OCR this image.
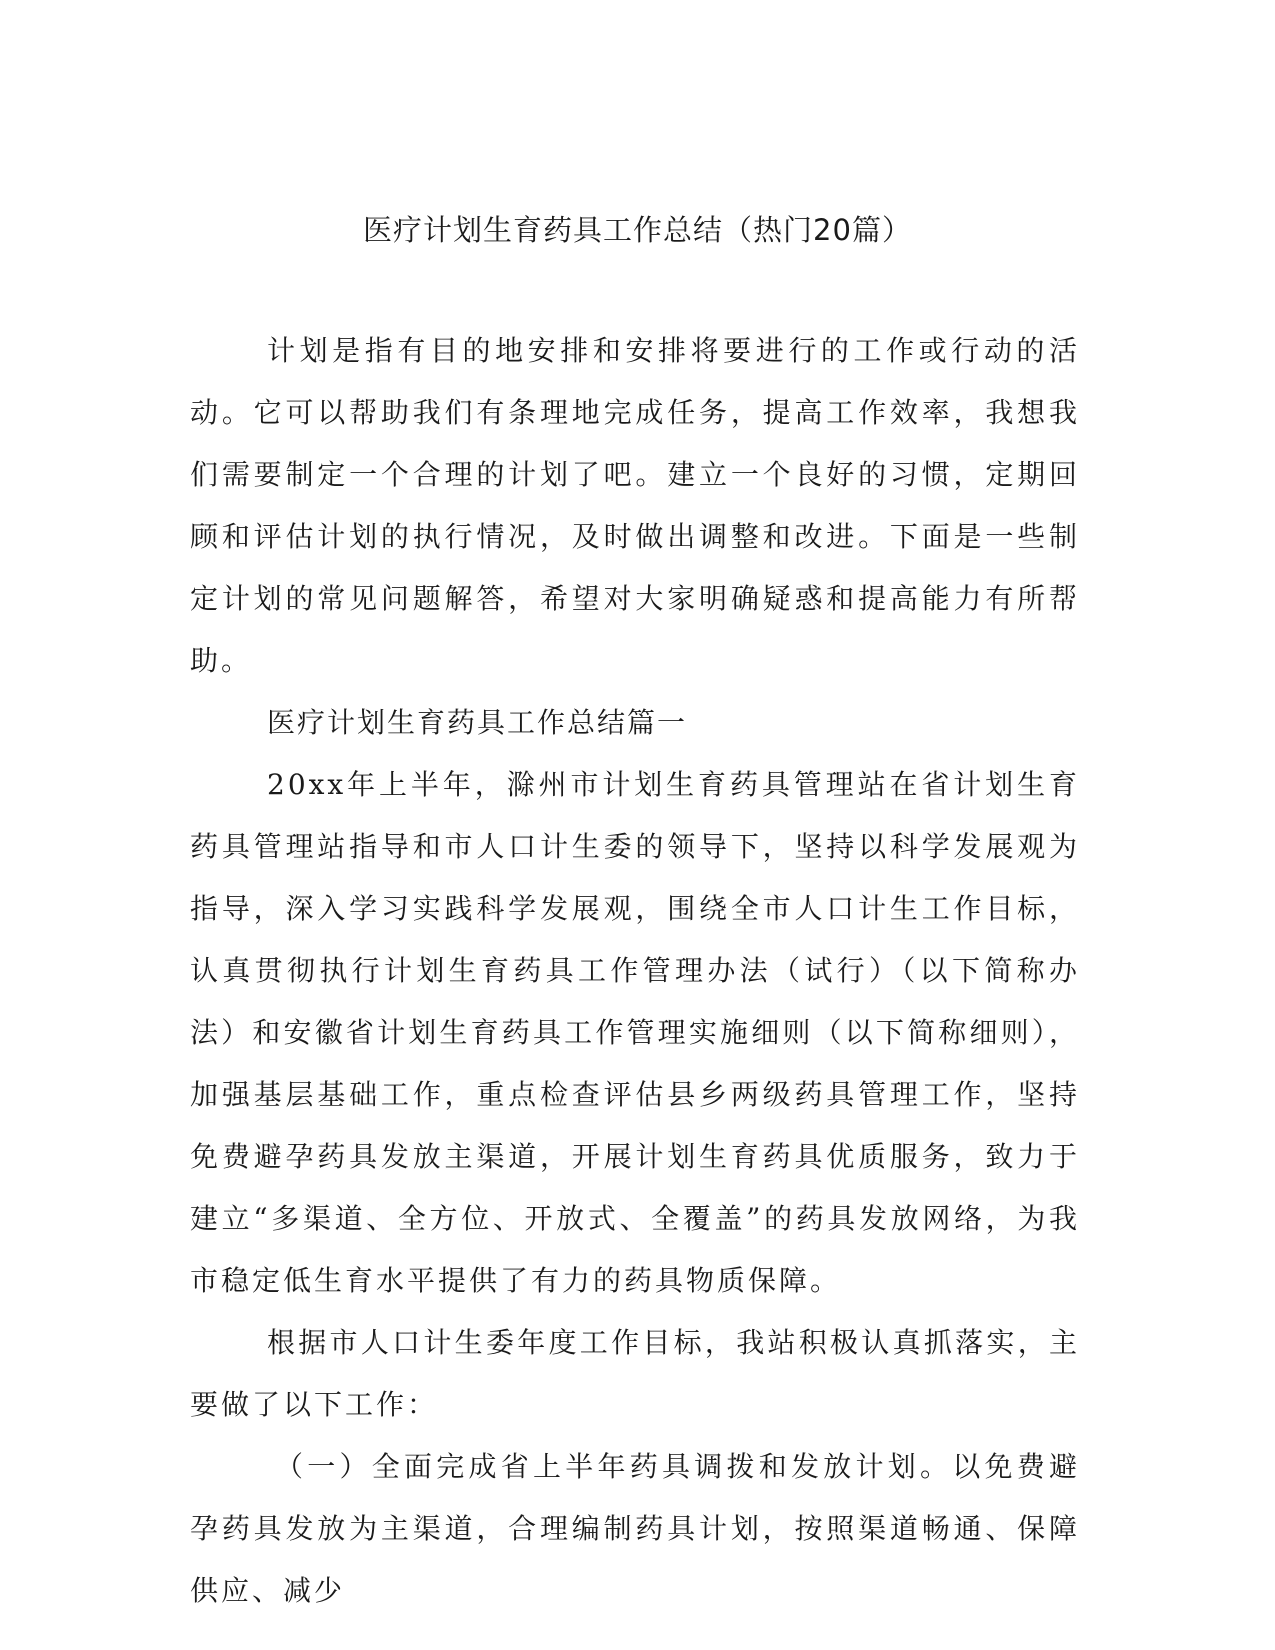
医疗计划生育药具工作总结（热门20篇）

计划是指有目的地安排和安排将要进行的工作或行动的活动。它可以帮助我们有条理地完成任务，提高工作效率，我想我们需要制定一个合理的计划了吧。建立一个良好的习惯，定期回顾和评估计划的执行情况，及时做出调整和改进。下面是一些制定计划的常见问题解答，希望对大家明确疑惑和提高能力有所帮助。

医疗计划生育药具工作总结篇一

20xx年上半年，滁州市计划生育药具管理站在省计划生育药具管理站指导和市人口计生委的领导下，坚持以科学发展观为指导，深入学习实践科学发展观，围绕全市人口计生工作目标，认真贯彻执行计划生育药具工作管理办法（试行）（以下简称办法）和安徽省计划生育药具工作管理实施细则（以下简称细则），加强基层基础工作，重点检查评估县乡两级药具管理工作，坚持免费避孕药具发放主渠道，开展计划生育药具优质服务，致力于建立“多渠道、全方位、开放式、全覆盖”的药具发放网络，为我市稳定低生育水平提供了有力的药具物质保障。

根据市人口计生委年度工作目标，我站积极认真抓落实，主要做了以下工作：

（一）全面完成省上半年药具调拨和发放计划。以免费避孕药具发放为主渠道，合理编制药具计划，按照渠道畅通、保障供应、减少
